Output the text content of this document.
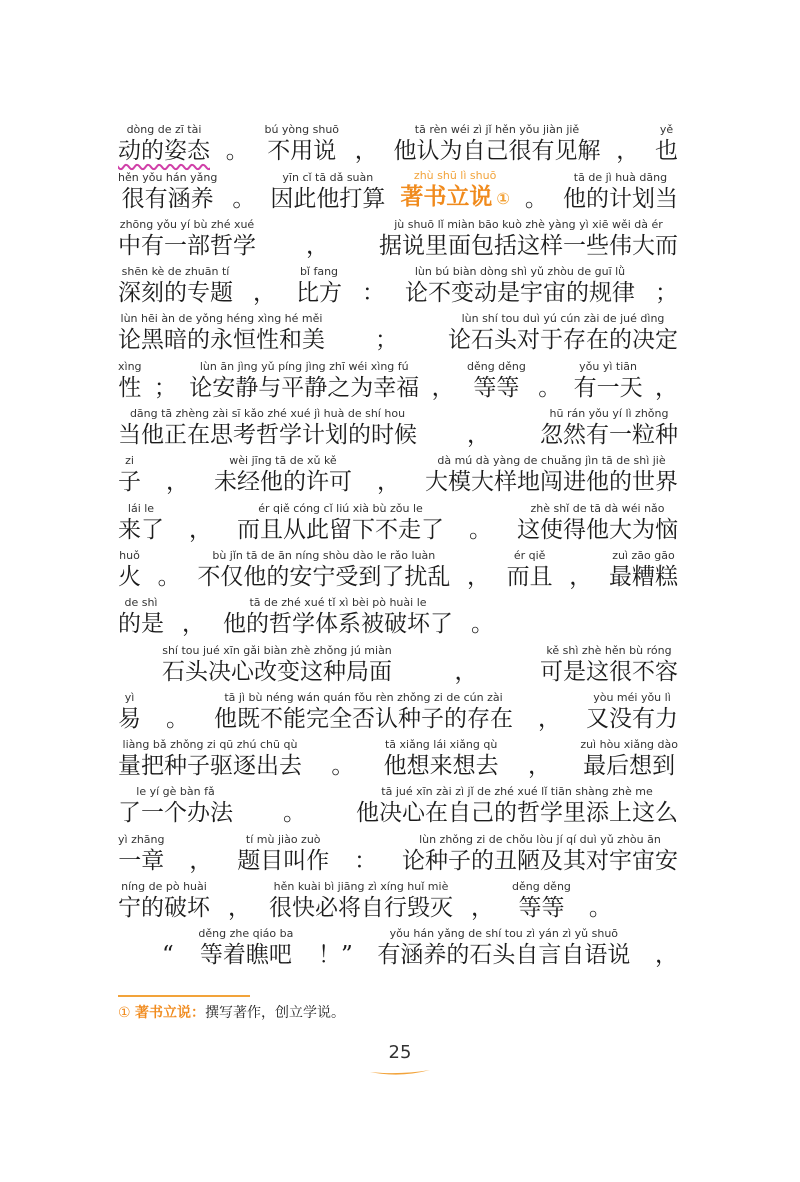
dòng de zī tài
动的姿态 。
bú yòng shuō
不用说 ，
tā rèn wéi zì jǐ hěn yǒu jiàn jiě
他认为自己很有见解 ，
yě
也
hěn yǒu hán yǎng
很有涵养 。
yīn cǐ tā dǎ suàn
因此他打算
zhù shū lì shuō
著书立说 ① 。
tā de jì huà dāng
他的计划当
zhōng yǒu yí bù zhé xué
中有一部哲学 ，
jù shuō lǐ miàn bāo kuò zhè yàng yì xiē wěi dà ér
据说里面包括这样一些伟大而
shēn kè de zhuān tí
深刻的专题 ，
bǐ fang
比方 ：
lùn bú biàn dòng shì yǔ zhòu de guī lǜ
论不变动是宇宙的规律 ；
lùn hēi àn de yǒng héng xìng hé měi
论黑暗的永恒性和美 ；
lùn shí tou duì yú cún zài de jué dìng
论石头对于存在的决定
xìng
性 ；
lùn ān jìng yǔ píng jìng zhī wéi xìng fú
论安静与平静之为幸福 ，
děng děng
等等 。
yǒu yì tiān
有一天 ，
dāng tā zhèng zài sī kǎo zhé xué jì huà de shí hou
当他正在思考哲学计划的时候 ，
hū rán yǒu yí lì zhǒng
忽然有一粒种
zi
子 ，
wèi jīng tā de xǔ kě
未经他的许可 ，
dà mú dà yàng de chuǎng jìn tā de shì jiè
大模大样地闯进他的世界
lái le
来了 ，
ér qiě cóng cǐ liú xià bù zǒu le
而且从此留下不走了 。
zhè shǐ de tā dà wéi nǎo
这使得他大为恼
huǒ
火 。
bù jǐn tā de ān níng shòu dào le rǎo luàn
不仅他的安宁受到了扰乱 ，
ér qiě
而且 ，
zuì zāo gāo
最糟糕
de shì
的是 ，
tā de zhé xué tǐ xì bèi pò huài le
他的哲学体系被破坏了 。
shí tou jué xīn gǎi biàn zhè zhǒng jú miàn
石头决心改变这种局面	，
kě shì zhè hěn bù róng
可是这很不容
yì
易 。
tā jì bù néng wán quán fǒu rèn zhǒng zi de cún zài
他既不能完全否认种子的存在 ，
yòu méi yǒu lì
又没有力
liàng bǎ zhǒng zi qū zhú chū qù
量把种子驱逐出去 。
tā xiǎng lái xiǎng qù
他想来想去 ，
zuì hòu xiǎng dào
最后想到
le yí gè bàn fǎ
了一个办法 。
tā jué xīn zài zì jǐ de zhé xué lǐ tiān shàng zhè me
他决心在自己的哲学里添上这么
yì zhāng
一章 ，
tí mù jiào zuò
题目叫作 ：
lùn zhǒng zi de chǒu lòu jí qí duì yǔ zhòu ān
论种子的丑陋及其对宇宙安
níng de pò huài
宁的破坏 ，
hěn kuài bì jiāng zì xíng huǐ miè
很快必将自行毁灭 ，
děng děng
等等 。
“
děng zhe qiáo ba
等着瞧吧 ！”
yǒu hán yǎng de shí tou zì yán zì yǔ shuō
有涵养的石头自言自语说 ，
① 著书立说：撰写著作，创立学说。
25
